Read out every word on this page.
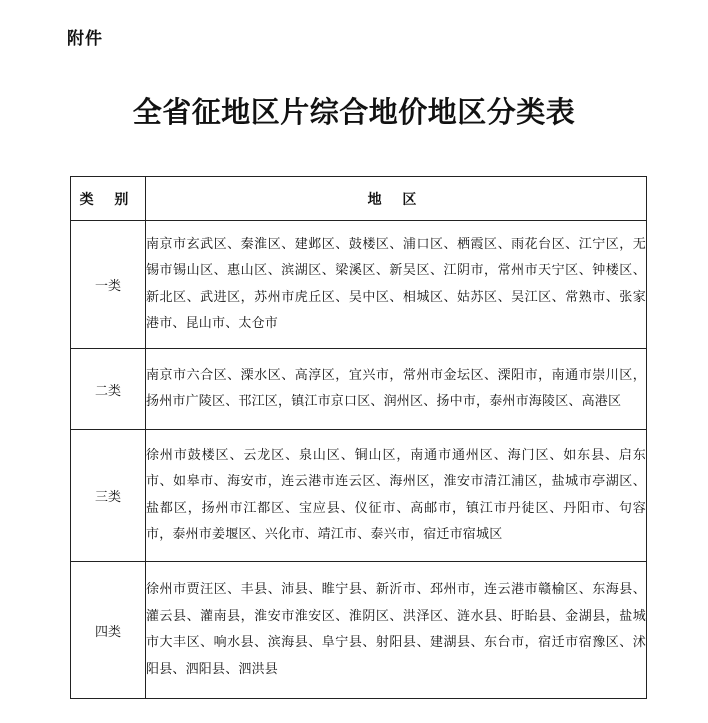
附件
全省征地区片综合地价地区分类表
类 别	地 区
一类	南京市玄武区、秦淮区、建邺区、鼓楼区、浦口区、栖霞区、雨花台区、江宁区，无锡市锡山区、惠山区、滨湖区、梁溪区、新吴区、江阴市，常州市天宁区、钟楼区、新北区、武进区，苏州市虎丘区、吴中区、相城区、姑苏区、吴江区、常熟市、张家港市、昆山市、太仓市
二类	南京市六合区、溧水区、高淳区，宜兴市，常州市金坛区、溧阳市，南通市崇川区，扬州市广陵区、邗江区，镇江市京口区、润州区、扬中市，泰州市海陵区、高港区
三类	徐州市鼓楼区、云龙区、泉山区、铜山区，南通市通州区、海门区、如东县、启东市、如皋市、海安市，连云港市连云区、海州区，淮安市清江浦区，盐城市亭湖区、盐都区，扬州市江都区、宝应县、仪征市、高邮市，镇江市丹徒区、丹阳市、句容市，泰州市姜堰区、兴化市、靖江市、泰兴市，宿迁市宿城区
四类	徐州市贾汪区、丰县、沛县、睢宁县、新沂市、邳州市，连云港市赣榆区、东海县、灌云县、灌南县，淮安市淮安区、淮阴区、洪泽区、涟水县、盱眙县、金湖县，盐城市大丰区、响水县、滨海县、阜宁县、射阳县、建湖县、东台市，宿迁市宿豫区、沭阳县、泗阳县、泗洪县
